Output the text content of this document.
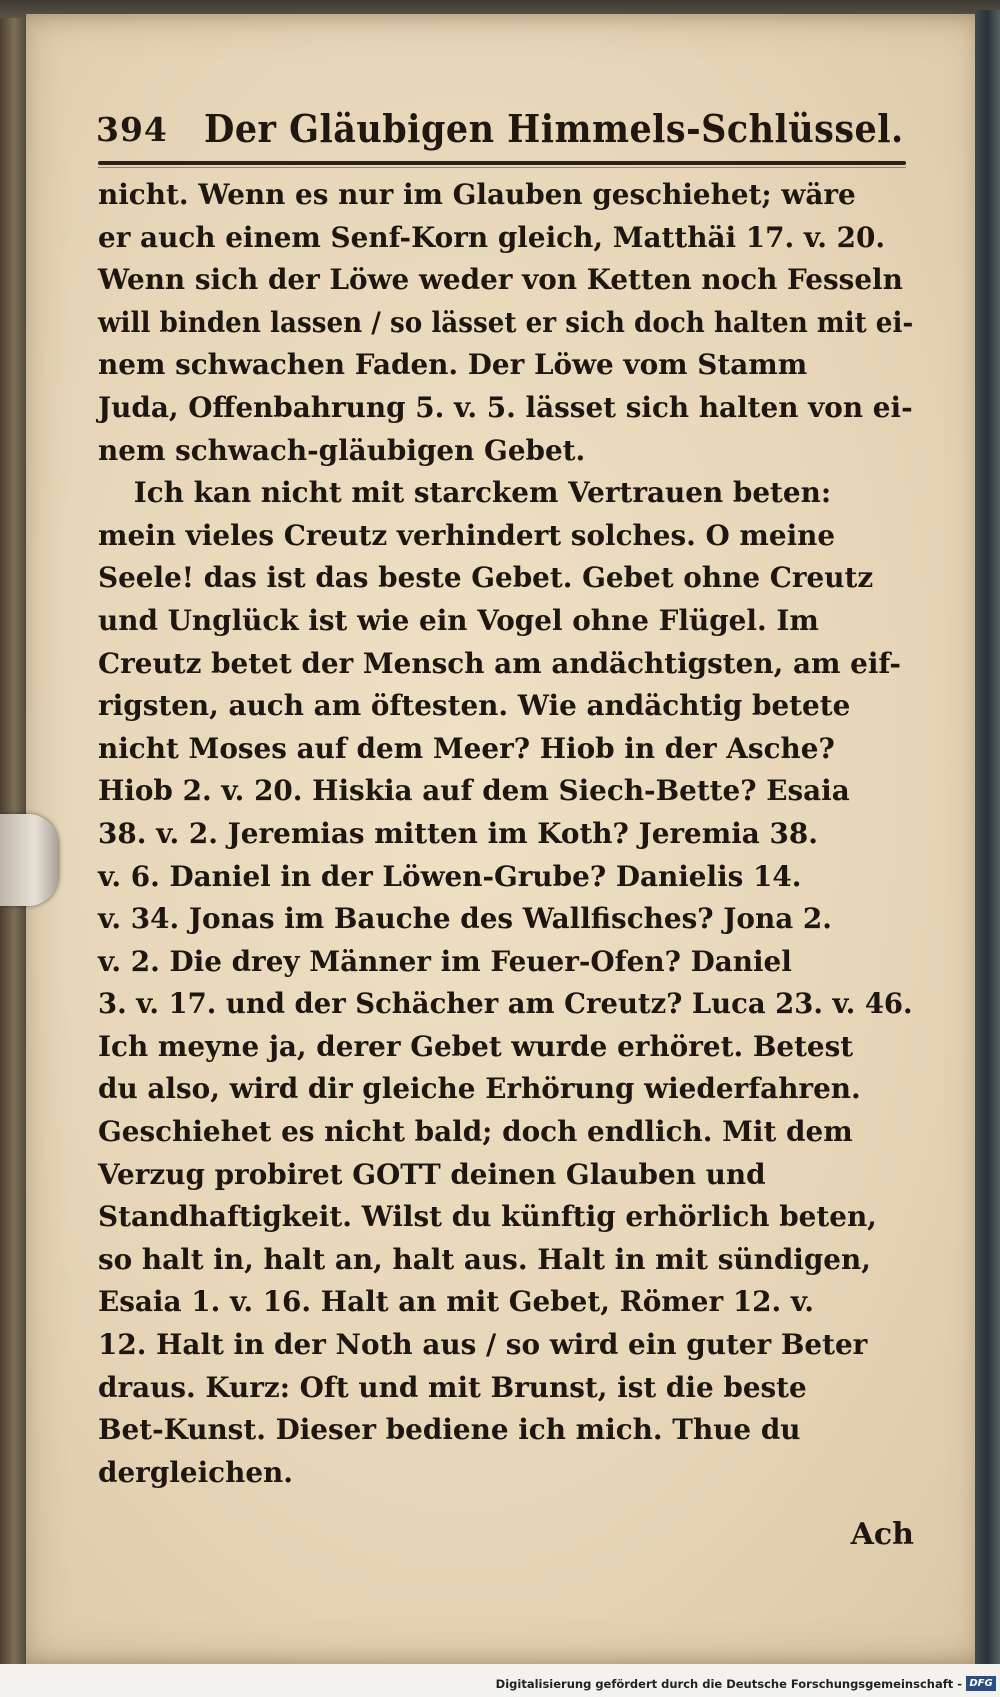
394 Der Gläubigen Himmels-Schlüssel.
nicht. Wenn es nur im Glauben geschiehet; wäre
er auch einem Senf-Korn gleich, Matthäi 17. v. 20.
Wenn sich der Löwe weder von Ketten noch Fesseln
will binden lassen / so lässet er sich doch halten mit ei-
nem schwachen Faden. Der Löwe vom Stamm
Juda, Offenbahrung 5. v. 5. lässet sich halten von ei-
nem schwach-gläubigen Gebet.
Ich kan nicht mit starckem Vertrauen beten:
mein vieles Creutz verhindert solches. O meine
Seele! das ist das beste Gebet. Gebet ohne Creutz
und Unglück ist wie ein Vogel ohne Flügel. Im
Creutz betet der Mensch am andächtigsten, am eif-
rigsten, auch am öftesten. Wie andächtig betete
nicht Moses auf dem Meer? Hiob in der Asche?
Hiob 2. v. 20. Hiskia auf dem Siech-Bette? Esaia
38. v. 2. Jeremias mitten im Koth? Jeremia 38.
v. 6. Daniel in der Löwen-Grube? Danielis 14.
v. 34. Jonas im Bauche des Wallfisches? Jona 2.
v. 2. Die drey Männer im Feuer-Ofen? Daniel
3. v. 17. und der Schächer am Creutz? Luca 23. v. 46.
Ich meyne ja, derer Gebet wurde erhöret. Betest
du also, wird dir gleiche Erhörung wiederfahren.
Geschiehet es nicht bald; doch endlich. Mit dem
Verzug probiret GOTT deinen Glauben und
Standhaftigkeit. Wilst du künftig erhörlich beten,
so halt in, halt an, halt aus. Halt in mit sündigen,
Esaia 1. v. 16. Halt an mit Gebet, Römer 12. v.
12. Halt in der Noth aus / so wird ein guter Beter
draus. Kurz: Oft und mit Brunst, ist die beste
Bet-Kunst. Dieser bediene ich mich. Thue du
dergleichen.
Ach
Digitalisierung gefördert durch die Deutsche Forschungsgemeinschaft - DFG
